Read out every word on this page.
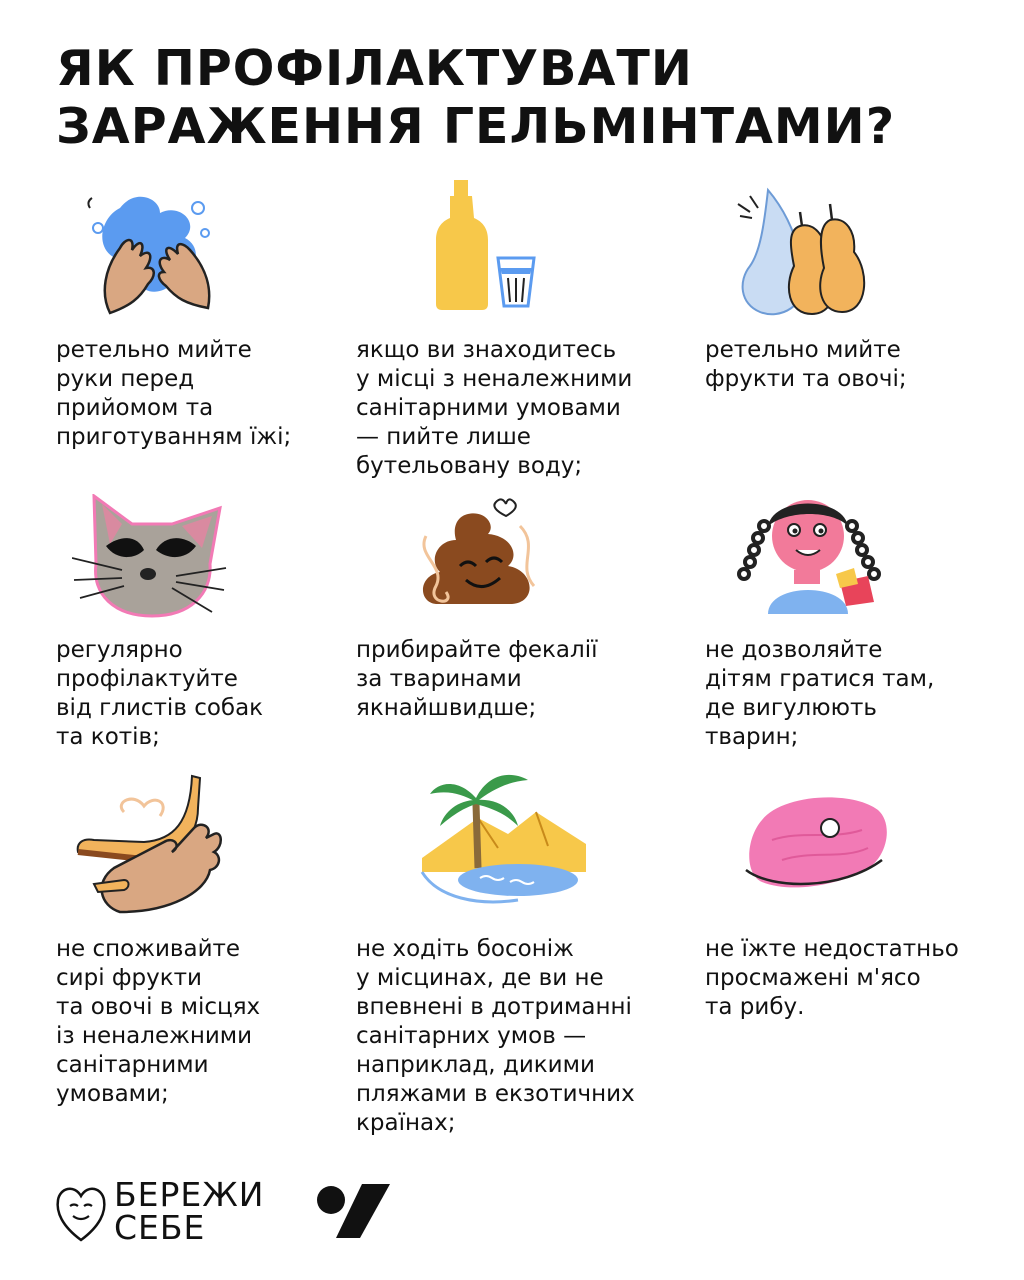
ЯК ПРОФІЛАКТУВАТИ
ЗАРАЖЕННЯ ГЕЛЬМІНТАМИ?

ретельно мийте
руки перед
прийомом та
приготуванням їжі;

якщо ви знаходитесь
у місці з неналежними
санітарними умовами
— пийте лише
бутельовану воду;

ретельно мийте
фрукти та овочі;

регулярно
профілактуйте
від глистів собак
та котів;

прибирайте фекалії
за тваринами
якнайшвидше;

не дозволяйте
дітям гратися там,
де вигулюють
тварин;

не споживайте
сирі фрукти
та овочі в місцях
із неналежними
санітарними
умовами;

не ходіть босоніж
у місцинах, де ви не
впевнені в дотриманні
санітарних умов —
наприклад, дикими
пляжами в екзотичних
країнах;

не їжте недостатньо
просмажені м'ясо
та рибу.

БЕРЕЖИ
СЕБЕ
